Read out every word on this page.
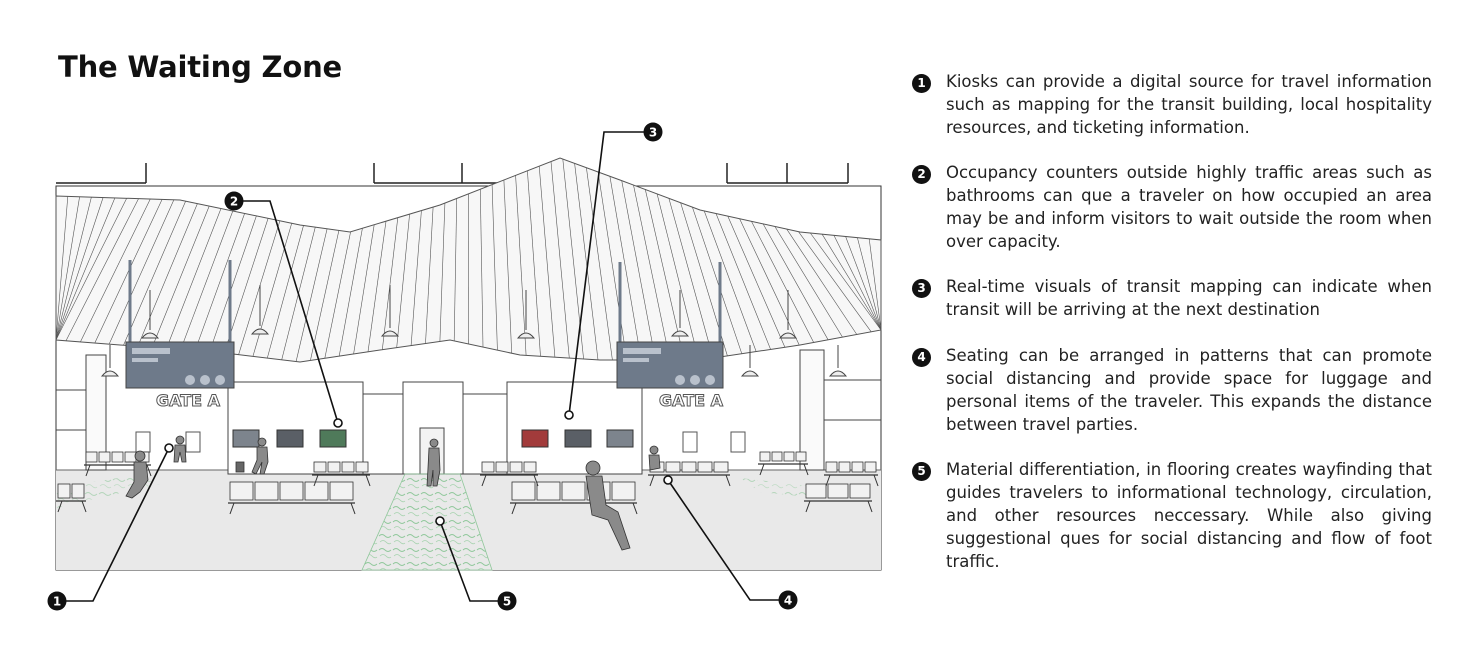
The Waiting Zone
GATE A	GATE A
1
2
3
4
5
1	Kiosks can provide a digital source for travel information such as mapping for the transit building, local hospitality resources, and ticketing information.

2	Occupancy counters outside highly traffic areas such as bathrooms can que a traveler on how occupied an area may be and inform visitors to wait outside the room when over capacity.

3	Real-time visuals of transit mapping can indicate when transit will be arriving at the next destination

4	Seating can be arranged in patterns that can promote social distancing and provide space for luggage and personal items of the traveler. This expands the distance between travel parties.

5	Material differentiation, in flooring creates wayfinding that guides travelers to informational technology, circulation, and other resources neccessary. While also giving suggestional ques for social distancing and flow of foot traffic.
